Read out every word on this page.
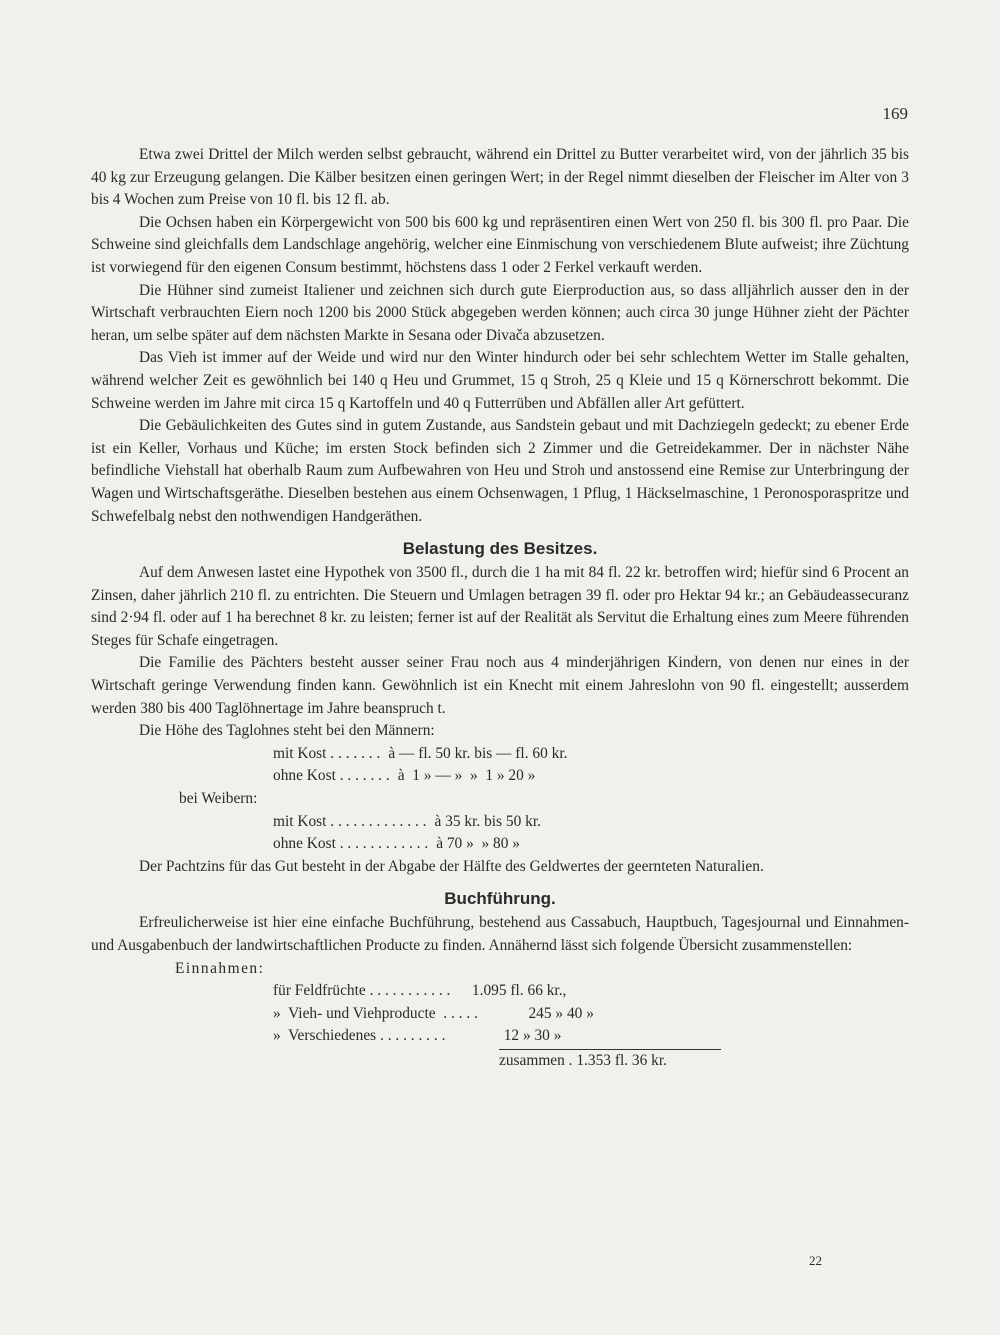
169

Etwa zwei Drittel der Milch werden selbst gebraucht, während ein Drittel zu Butter verarbeitet wird, von der jährlich 35 bis 40 kg zur Erzeugung gelangen. Die Kälber besitzen einen geringen Wert; in der Regel nimmt dieselben der Fleischer im Alter von 3 bis 4 Wochen zum Preise von 10 fl. bis 12 fl. ab.

Die Ochsen haben ein Körpergewicht von 500 bis 600 kg und repräsentiren einen Wert von 250 fl. bis 300 fl. pro Paar. Die Schweine sind gleichfalls dem Landschlage angehörig, welcher eine Einmischung von verschiedenem Blute aufweist; ihre Züchtung ist vorwiegend für den eigenen Consum bestimmt, höchstens dass 1 oder 2 Ferkel verkauft werden.

Die Hühner sind zumeist Italiener und zeichnen sich durch gute Eierproduction aus, so dass alljährlich ausser den in der Wirtschaft verbrauchten Eiern noch 1200 bis 2000 Stück abgegeben werden können; auch circa 30 junge Hühner zieht der Pächter heran, um selbe später auf dem nächsten Markte in Sesana oder Divača abzusetzen.

Das Vieh ist immer auf der Weide und wird nur den Winter hindurch oder bei sehr schlechtem Wetter im Stalle gehalten, während welcher Zeit es gewöhnlich bei 140 q Heu und Grummet, 15 q Stroh, 25 q Kleie und 15 q Körnerschrott bekommt. Die Schweine werden im Jahre mit circa 15 q Kartoffeln und 40 q Futterrüben und Abfällen aller Art gefüttert.

Die Gebäulichkeiten des Gutes sind in gutem Zustande, aus Sandstein gebaut und mit Dachziegeln gedeckt; zu ebener Erde ist ein Keller, Vorhaus und Küche; im ersten Stock befinden sich 2 Zimmer und die Getreidekammer. Der in nächster Nähe befindliche Viehstall hat oberhalb Raum zum Aufbewahren von Heu und Stroh und anstossend eine Remise zur Unterbringung der Wagen und Wirtschaftsgeräthe. Dieselben bestehen aus einem Ochsenwagen, 1 Pflug, 1 Häckselmaschine, 1 Peronosporaspritze und Schwefelbalg nebst den nothwendigen Handgeräthen.

Belastung des Besitzes.

Auf dem Anwesen lastet eine Hypothek von 3500 fl., durch die 1 ha mit 84 fl. 22 kr. betroffen wird; hiefür sind 6 Procent an Zinsen, daher jährlich 210 fl. zu entrichten. Die Steuern und Umlagen betragen 39 fl. oder pro Hektar 94 kr.; an Gebäudeassecuranz sind 2·94 fl. oder auf 1 ha berechnet 8 kr. zu leisten; ferner ist auf der Realität als Servitut die Erhaltung eines zum Meere führenden Steges für Schafe eingetragen.

Die Familie des Pächters besteht ausser seiner Frau noch aus 4 minderjährigen Kindern, von denen nur eines in der Wirtschaft geringe Verwendung finden kann. Gewöhnlich ist ein Knecht mit einem Jahreslohn von 90 fl. eingestellt; ausserdem werden 380 bis 400 Taglöhnertage im Jahre beanspruch t.

Die Höhe des Taglohnes steht bei den Männern:

mit Kost . . . . . . . à — fl. 50 kr. bis — fl. 60 kr.
ohne Kost . . . . . . . à  1 » — »  »  1 » 20 »
bei Weibern:
mit Kost . . . . . . . . . . . . . à 35 kr. bis 50 kr.
ohne Kost . . . . . . . . . . . . à 70 »  » 80 »

Der Pachtzins für das Gut besteht in der Abgabe der Hälfte des Geldwertes der geernteten Naturalien.

Buchführung.

Erfreulicherweise ist hier eine einfache Buchführung, bestehend aus Cassabuch, Hauptbuch, Tagesjournal und Einnahmen- und Ausgabenbuch der landwirtschaftlichen Producte zu finden. Annähernd lässt sich folgende Übersicht zusammenstellen:

Einnahmen:
für Feldfrüchte . . . . . . . . . . .	1.095 fl. 66 kr.,
»  Vieh- und Viehproducte . . . . .	245 » 40 »
»  Verschiedenes . . . . . . . . .	12 » 30 »
zusammen . 1.353 fl. 36 kr.
22
